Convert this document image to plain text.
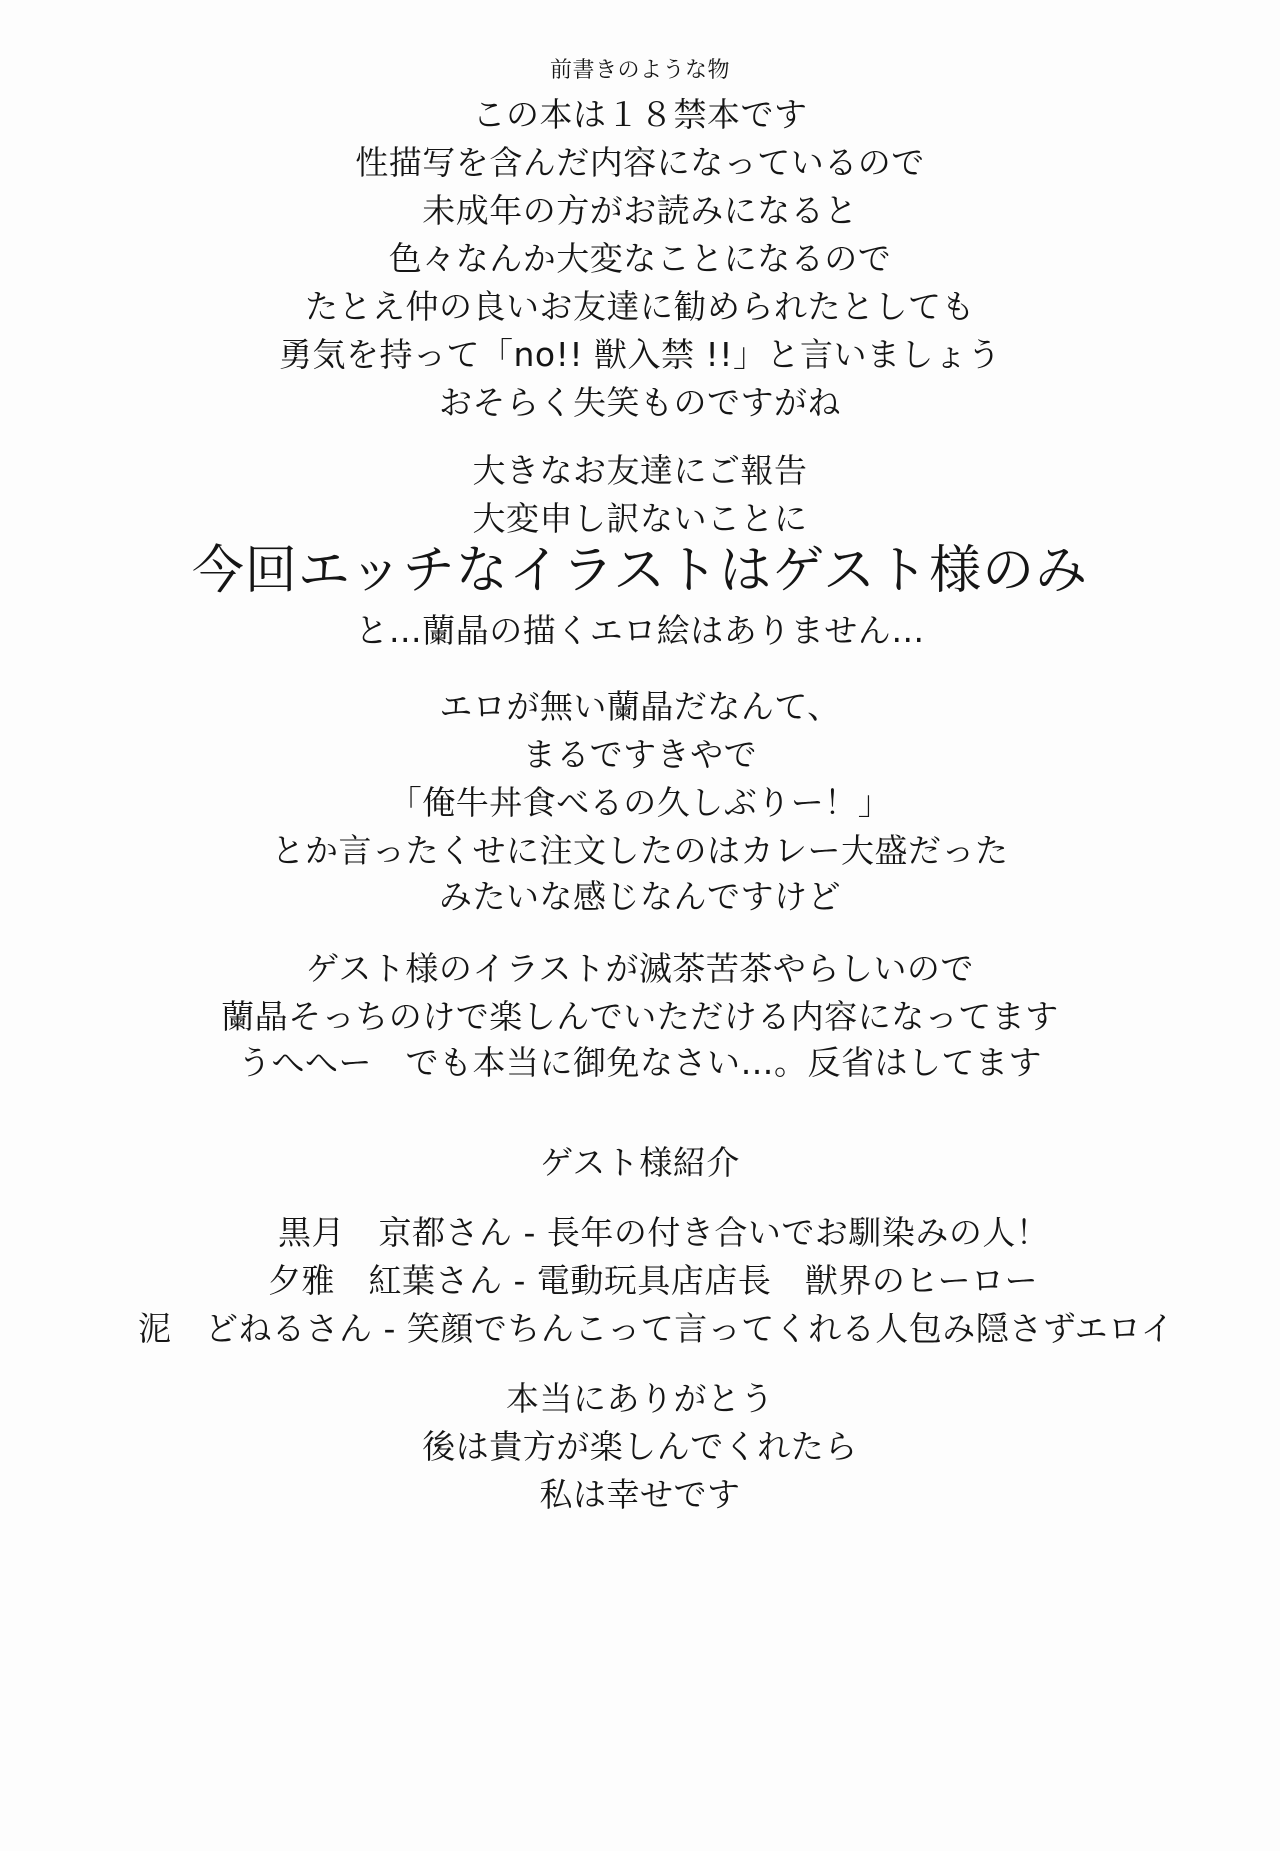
前書きのような物
この本は１８禁本です
性描写を含んだ内容になっているので
未成年の方がお読みになると
色々なんか大変なことになるので
たとえ仲の良いお友達に勧められたとしても
勇気を持って「no!! 獣入禁 !!」と言いましょう
おそらく失笑ものですがね
大きなお友達にご報告
大変申し訳ないことに
今回エッチなイラストはゲスト様のみ
と…蘭晶の描くエロ絵はありません…
エロが無い蘭晶だなんて、
まるですきやで
「俺牛丼食べるの久しぶりー！」
とか言ったくせに注文したのはカレー大盛だった
みたいな感じなんですけど
ゲスト様のイラストが滅茶苦茶やらしいので
蘭晶そっちのけで楽しんでいただける内容になってます
うへへー　でも本当に御免なさい…。反省はしてます
ゲスト様紹介
黒月　京都さん - 長年の付き合いでお馴染みの人！
夕雅　紅葉さん - 電動玩具店店長　獣界のヒーロー
泥　どねるさん - 笑顔でちんこって言ってくれる人包み隠さずエロイ
本当にありがとう
後は貴方が楽しんでくれたら
私は幸せです
